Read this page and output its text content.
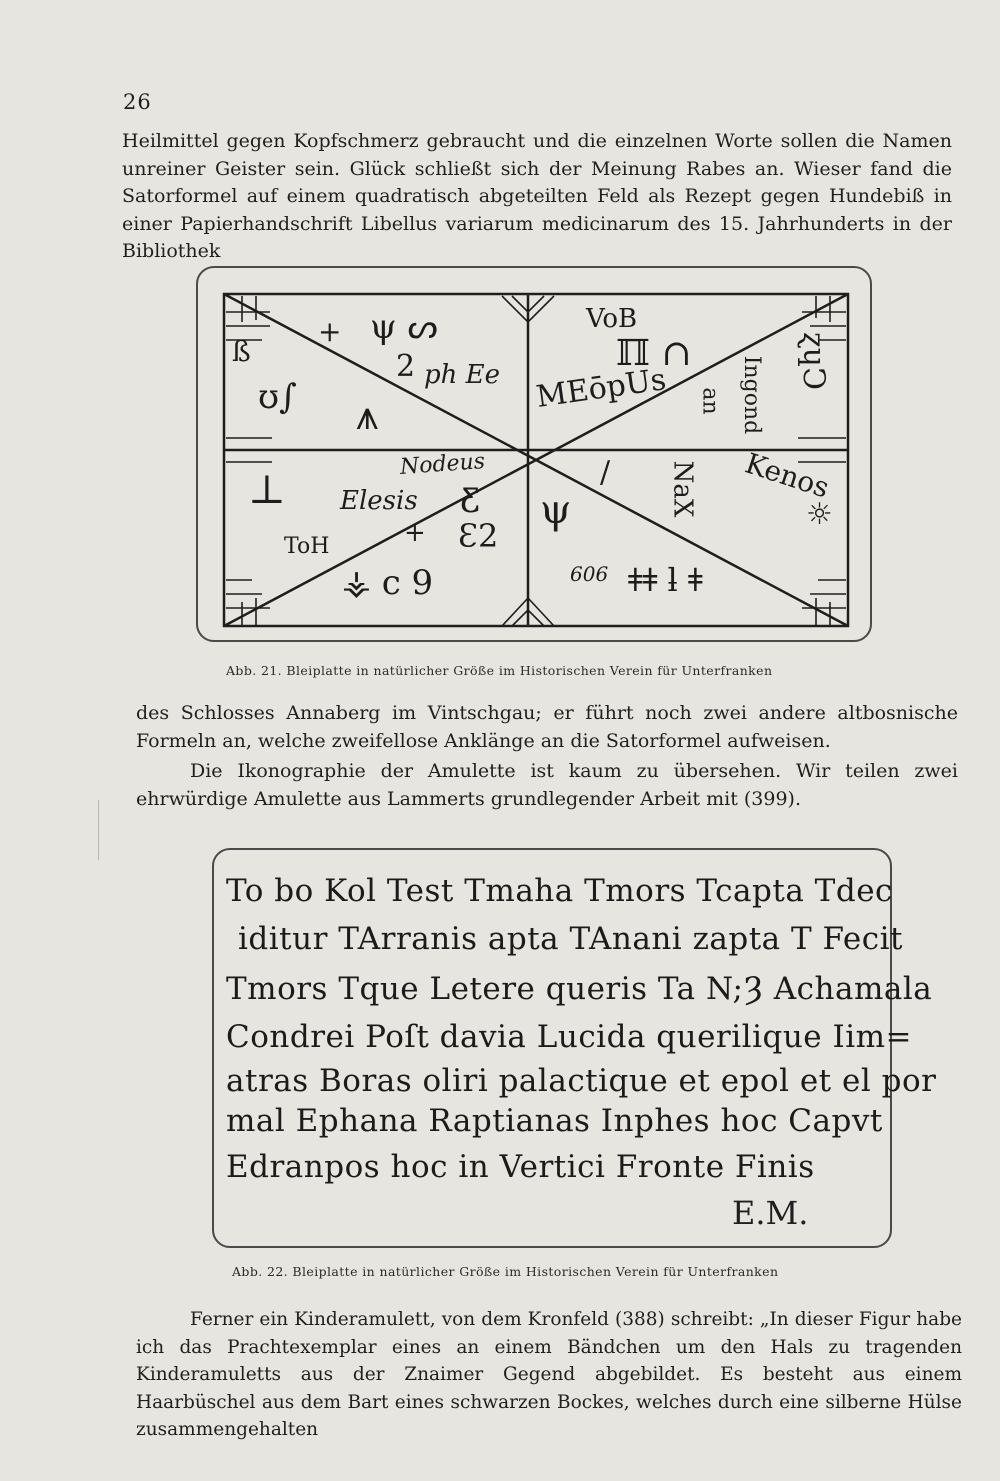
26

Heilmittel gegen Kopfschmerz gebraucht und die einzelnen Worte sollen die Namen unreiner Geister sein. Glück schließt sich der Meinung Rabes an. Wieser fand die Satorformel auf einem quadratisch abgeteilten Feld als Rezept gegen Hundebiß in einer Papierhandschrift Libellus variarum medicinarum des 15. Jahrhunderts in der Bibliothek

VoB
MEōpUs
Nodeus
Elesis
ToH
Kenos
606
2 ph Ee	Ingond
an
NaX
+
+
ß
ʊ∫ ⩚
ψ ᔕ
⊥	Ƹ
Ɛ2
⚶ c 9
ψ
ℿ ∩
ǂǂ ƚ ǂ
ɀɥϽ
☼
/
Abb. 21. Bleiplatte in natürlicher Größe im Historischen Verein für Unterfranken

des Schlosses Annaberg im Vintschgau; er führt noch zwei andere altbosnische Formeln an, welche zweifellose Anklänge an die Satorformel aufweisen.

Die Ikonographie der Amulette ist kaum zu übersehen. Wir teilen zwei ehrwürdige Amulette aus Lammerts grundlegender Arbeit mit (399).

To bo Kol Test Tmaha Tmors Tcapta Tdec
iditur TArranis apta TAnani zapta T Fecit
Tmors Tque Letere queris Ta N;Ȝ Achamala
Condrei Poſt davia Lucida querilique Iim=
atras Boras oliri palactique et epol et el por
mal Ephana Raptianas Inphes hoc Capvt
Edranpos hoc in Vertici Fronte Finis
E.M.
Abb. 22. Bleiplatte in natürlicher Größe im Historischen Verein für Unterfranken

Ferner ein Kinderamulett, von dem Kronfeld (388) schreibt: „In dieser Figur habe ich das Prachtexemplar eines an einem Bändchen um den Hals zu tragenden Kinderamuletts aus der Znaimer Gegend abgebildet. Es besteht aus einem Haarbüschel aus dem Bart eines schwarzen Bockes, welches durch eine silberne Hülse zusammengehalten
